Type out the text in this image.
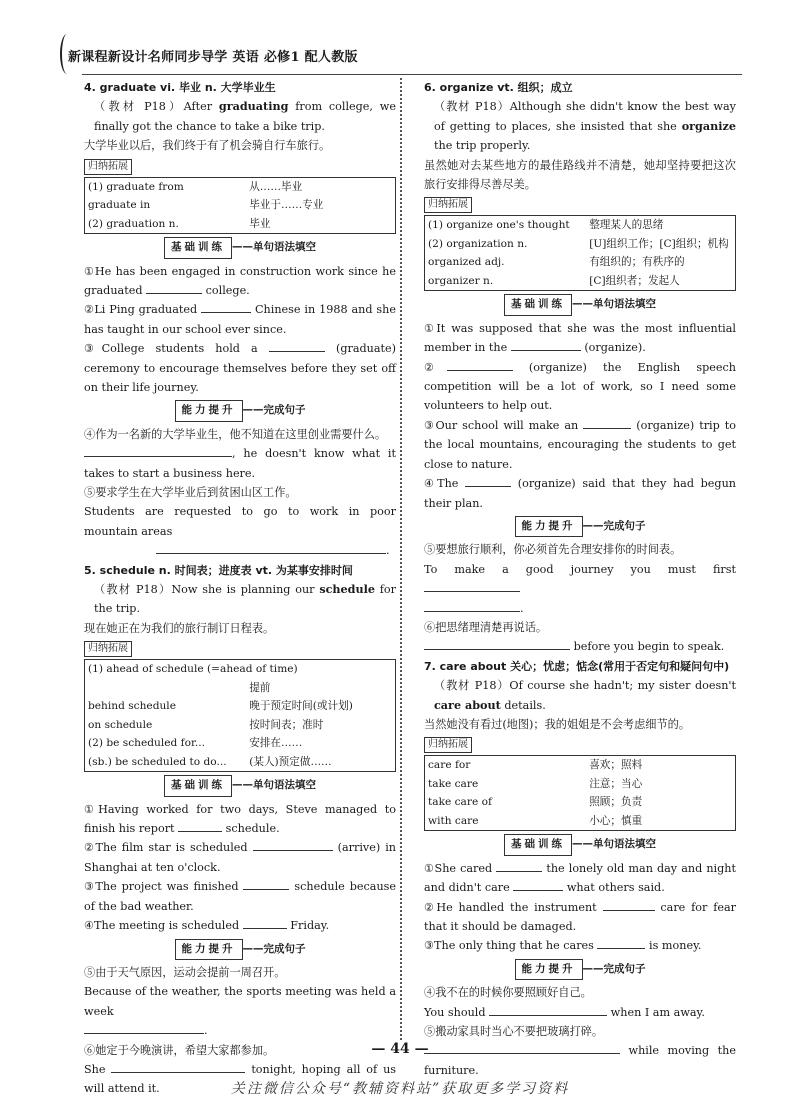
新课程新设计名师同步导学 英语 必修1 配人教版
4. graduate vi. 毕业 n. 大学毕业生

（教材 P18）After graduating from college, we finally got the chance to take a bike trip.

大学毕业以后，我们终于有了机会骑自行车旅行。

归纳拓展
(1) graduate from	从……毕业
graduate in	毕业于……专业
(2) graduation n.	毕业
基础训练 ——单句语法填空

①He has been engaged in construction work since he graduated	college.

②Li Ping graduated	Chinese in 1988 and she has taught in our school ever since.

③College students hold a	(graduate) ceremony to encourage themselves before they set off on their life journey.

能力提升 ——完成句子

④作为一名新的大学毕业生，他不知道在这里创业需要什么。

, he doesn't know what it takes to start a business here.

⑤要求学生在大学毕业后到贫困山区工作。

Students are requested to go to work in poor mountain areas

.

5. schedule n. 时间表；进度表 vt. 为某事安排时间

（教材 P18）Now she is planning our schedule for the trip.

现在她正在为我们的旅行制订日程表。

归纳拓展
(1) ahead of schedule (=ahead of time)	
	提前
behind schedule	晚于预定时间(或计划)
on schedule	按时间表；准时
(2) be scheduled for...	安排在……
(sb.) be scheduled to do...	(某人)预定做……
基础训练 ——单句语法填空

①Having worked for two days, Steve managed to finish his report	schedule.

②The film star is scheduled	(arrive) in Shanghai at ten o'clock.

③The project was finished	schedule because of the bad weather.

④The meeting is scheduled	Friday.

能力提升 ——完成句子

⑤由于天气原因，运动会提前一周召开。

Because of the weather, the sports meeting was held a week

.

⑥她定于今晚演讲，希望大家都参加。

She	tonight, hoping all of us will attend it.

6. organize vt. 组织；成立

（教材 P18）Although she didn't know the best way of getting to places, she insisted that she organize the trip properly.

虽然她对去某些地方的最佳路线并不清楚，她却坚持要把这次旅行安排得尽善尽美。

归纳拓展
(1) organize one's thought	整理某人的思绪
(2) organization n.	[U]组织工作；[C]组织；机构
organized adj.	有组织的；有秩序的
organizer n.	[C]组织者；发起人
基础训练 ——单句语法填空

①It was supposed that she was the most influential member in the	(organize).

②	(organize) the English speech competition will be a lot of work, so I need some volunteers to help out.

③Our school will make an	(organize) trip to the local mountains, encouraging the students to get close to nature.

④The	(organize) said that they had begun their plan.

能力提升 ——完成句子

⑤要想旅行顺利，你必须首先合理安排你的时间表。

To make a good journey you must first

.

⑥把思绪理清楚再说话。

before you begin to speak.

7. care about 关心；忧虑；惦念(常用于否定句和疑问句中)

（教材 P18）Of course she hadn't; my sister doesn't care about details.

当然她没有看过(地图)；我的姐姐是不会考虑细节的。

归纳拓展
care for	喜欢；照料
take care	注意；当心
take care of	照顾；负责
with care	小心；慎重
基础训练 ——单句语法填空

①She cared	the lonely old man day and night and didn't care	what others said.

②He handled the instrument	care for fear that it should be damaged.

③The only thing that he cares	is money.

能力提升 ——完成句子

④我不在的时候你要照顾好自己。

You should	when I am away.

⑤搬动家具时当心不要把玻璃打碎。

while moving the furniture.

— 44 —
关注微信公众号“教辅资料站”获取更多学习资料
